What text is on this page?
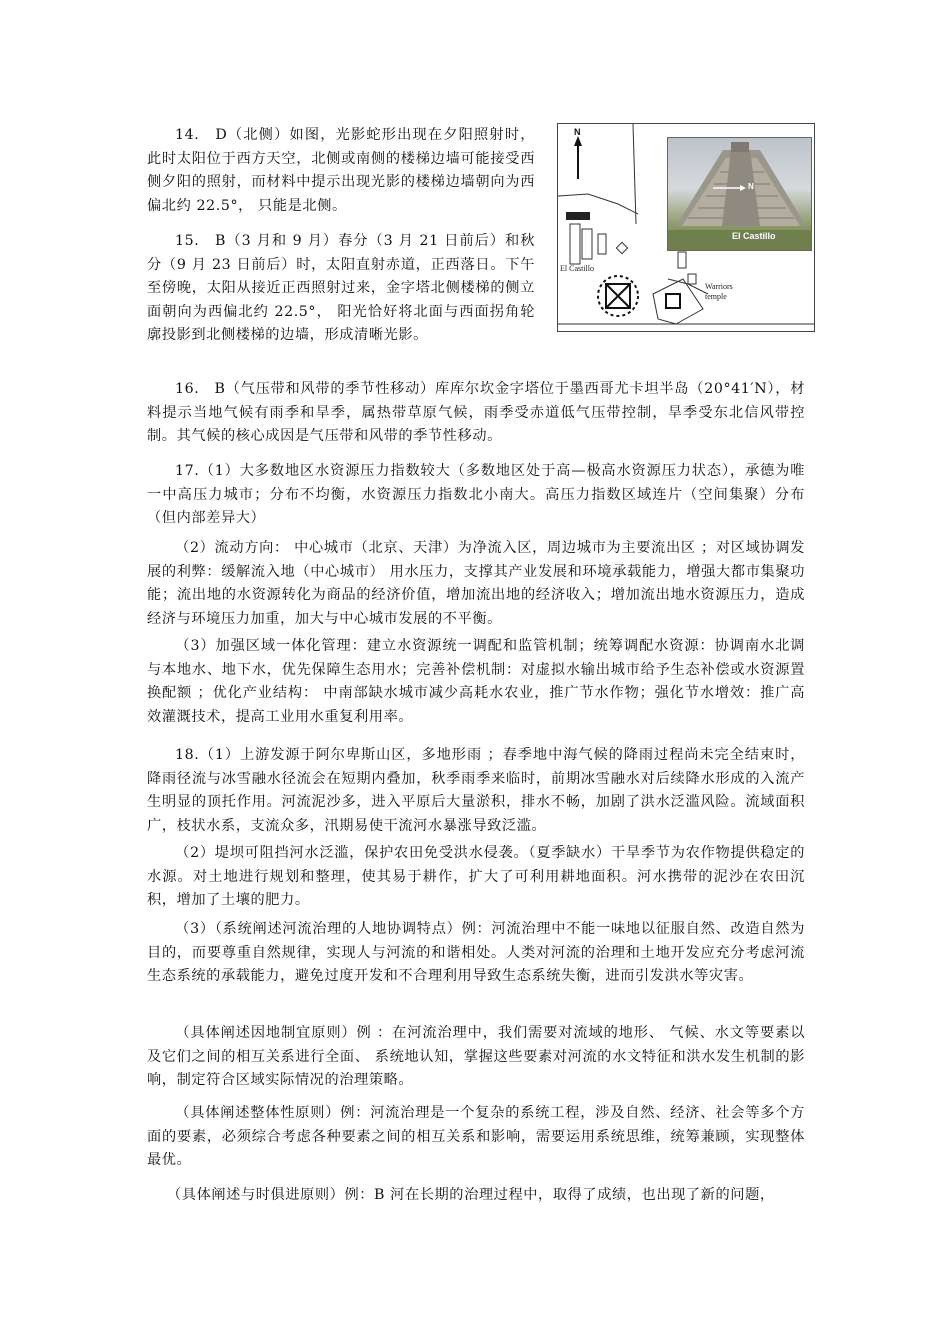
14.　D（北侧）如图，光影蛇形出现在夕阳照射时，此时太阳位于西方天空，北侧或南侧的楼梯边墙可能接受西侧夕阳的照射，而材料中提示出现光影的楼梯边墙朝向为西偏北约 22.5°， 只能是北侧。

15.　B（3 月和 9 月）春分（3 月 21 日前后）和秋分（9 月 23 日前后）时，太阳直射赤道，正西落日。下午至傍晚，太阳从接近正西照射过来，金字塔北侧楼梯的侧立面朝向为西偏北约 22.5°， 阳光恰好将北面与西面拐角轮廓投影到北侧楼梯的边墙，形成清晰光影。

N
N
El Castillo
El Castillo
Warriors
temple

16.　B（气压带和风带的季节性移动）库库尔坎金字塔位于墨西哥尤卡坦半岛（20°41′N），材料提示当地气候有雨季和旱季，属热带草原气候，雨季受赤道低气压带控制，旱季受东北信风带控制。其气候的核心成因是气压带和风带的季节性移动。

17.（1）大多数地区水资源压力指数较大（多数地区处于高—极高水资源压力状态），承德为唯一中高压力城市；分布不均衡，水资源压力指数北小南大。高压力指数区域连片（空间集聚）分布（但内部差异大）

（2）流动方向： 中心城市（北京、天津）为净流入区，周边城市为主要流出区 ；对区域协调发展的利弊：缓解流入地（中心城市） 用水压力，支撑其产业发展和环境承载能力，增强大都市集聚功能；流出地的水资源转化为商品的经济价值，增加流出地的经济收入；增加流出地水资源压力，造成经济与环境压力加重，加大与中心城市发展的不平衡。

（3）加强区域一体化管理：建立水资源统一调配和监管机制；统筹调配水资源：协调南水北调与本地水、地下水，优先保障生态用水；完善补偿机制：对虚拟水输出城市给予生态补偿或水资源置换配额 ；优化产业结构： 中南部缺水城市减少高耗水农业，推广节水作物；强化节水增效：推广高效灌溉技术，提高工业用水重复利用率。

18.（1）上游发源于阿尔卑斯山区，多地形雨 ；春季地中海气候的降雨过程尚未完全结束时，降雨径流与冰雪融水径流会在短期内叠加，秋季雨季来临时，前期冰雪融水对后续降水形成的入流产生明显的顶托作用。河流泥沙多，进入平原后大量淤积，排水不畅，加剧了洪水泛滥风险。流域面积广，枝状水系，支流众多，汛期易使干流河水暴涨导致泛滥。

（2）堤坝可阻挡河水泛滥，保护农田免受洪水侵袭。（夏季缺水）干旱季节为农作物提供稳定的水源。对土地进行规划和整理，使其易于耕作，扩大了可利用耕地面积。河水携带的泥沙在农田沉积，增加了土壤的肥力。

（3）（系统阐述河流治理的人地协调特点）例：河流治理中不能一味地以征服自然、改造自然为目的，而要尊重自然规律，实现人与河流的和谐相处。人类对河流的治理和土地开发应充分考虑河流生态系统的承载能力，避免过度开发和不合理利用导致生态系统失衡，进而引发洪水等灾害。

（具体阐述因地制宜原则）例 ：在河流治理中，我们需要对流域的地形、 气候、水文等要素以及它们之间的相互关系进行全面、 系统地认知，掌握这些要素对河流的水文特征和洪水发生机制的影响，制定符合区域实际情况的治理策略。

（具体阐述整体性原则）例：河流治理是一个复杂的系统工程，涉及自然、经济、社会等多个方面的要素，必须综合考虑各种要素之间的相互关系和影响，需要运用系统思维，统筹兼顾，实现整体最优。

（具体阐述与时俱进原则）例：B 河在长期的治理过程中，取得了成绩，也出现了新的问题，
